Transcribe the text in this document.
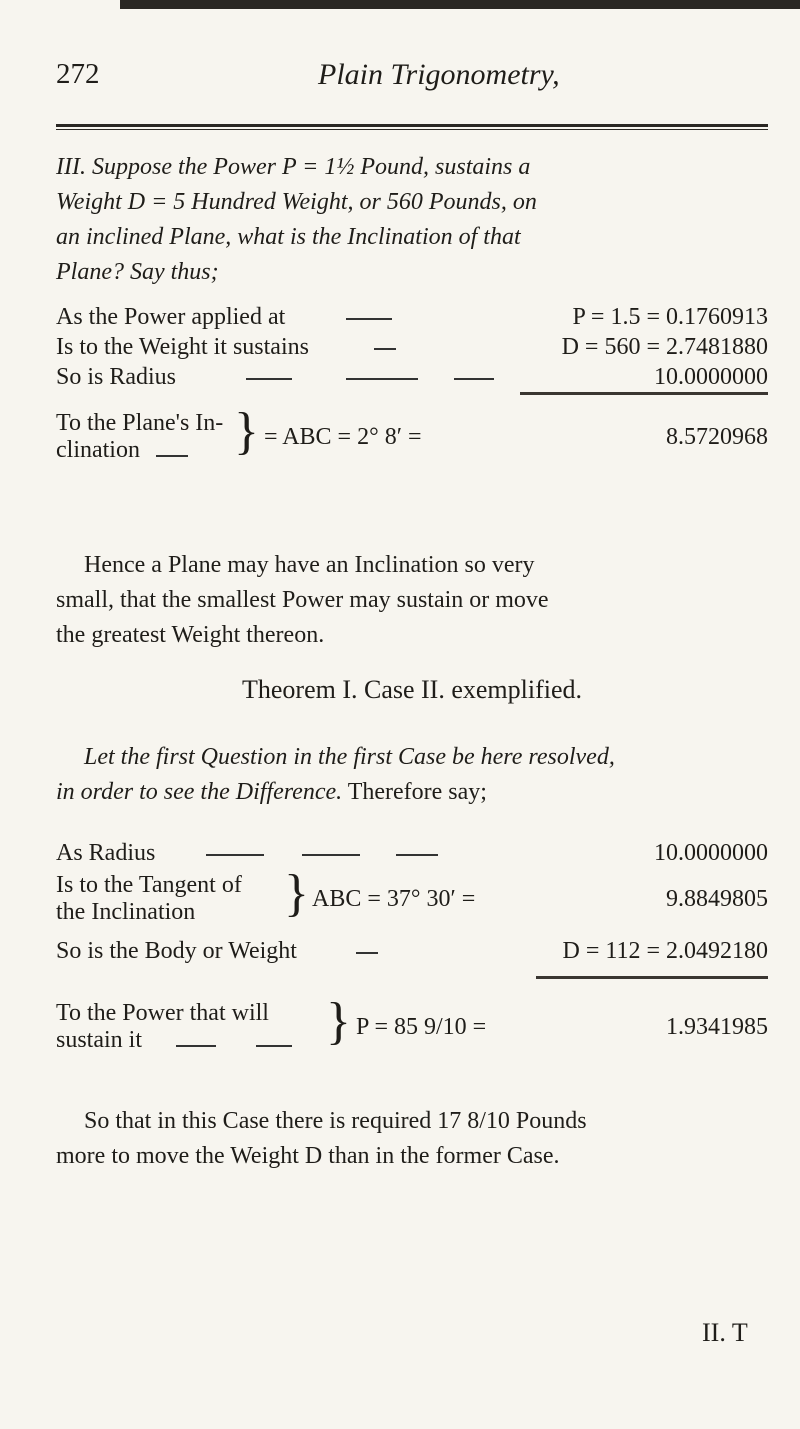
272	Plain Trigonometry,
III. Suppose the Power P = 1½ Pound, sustains a
Weight D = 5 Hundred Weight, or 560 Pounds, on
an inclined Plane, what is the Inclination of that
Plane? Say thus;
As the Power applied at	P = 1.5 = 0.1760913
Is to the Weight it sustains	D = 560 = 2.7481880
So is Radius	10.0000000
To the Plane's In-
clination	} = ABC = 2° 8′ =	8.5720968
Hence a Plane may have an Inclination so very
small, that the smallest Power may sustain or move
the greatest Weight thereon.
Theorem I. Case II. exemplified.
Let the first Question in the first Case be here resolved,
in order to see the Difference. Therefore say;
As Radius	10.0000000
Is to the Tangent of
the Inclination	} ABC = 37° 30′ =	9.8849805
So is the Body or Weight	D = 112 = 2.0492180
To the Power that will
sustain it	} P = 85 9/10 =	1.9341985
So that in this Case there is required 17 8/10 Pounds
more to move the Weight D than in the former Case.
II. T
